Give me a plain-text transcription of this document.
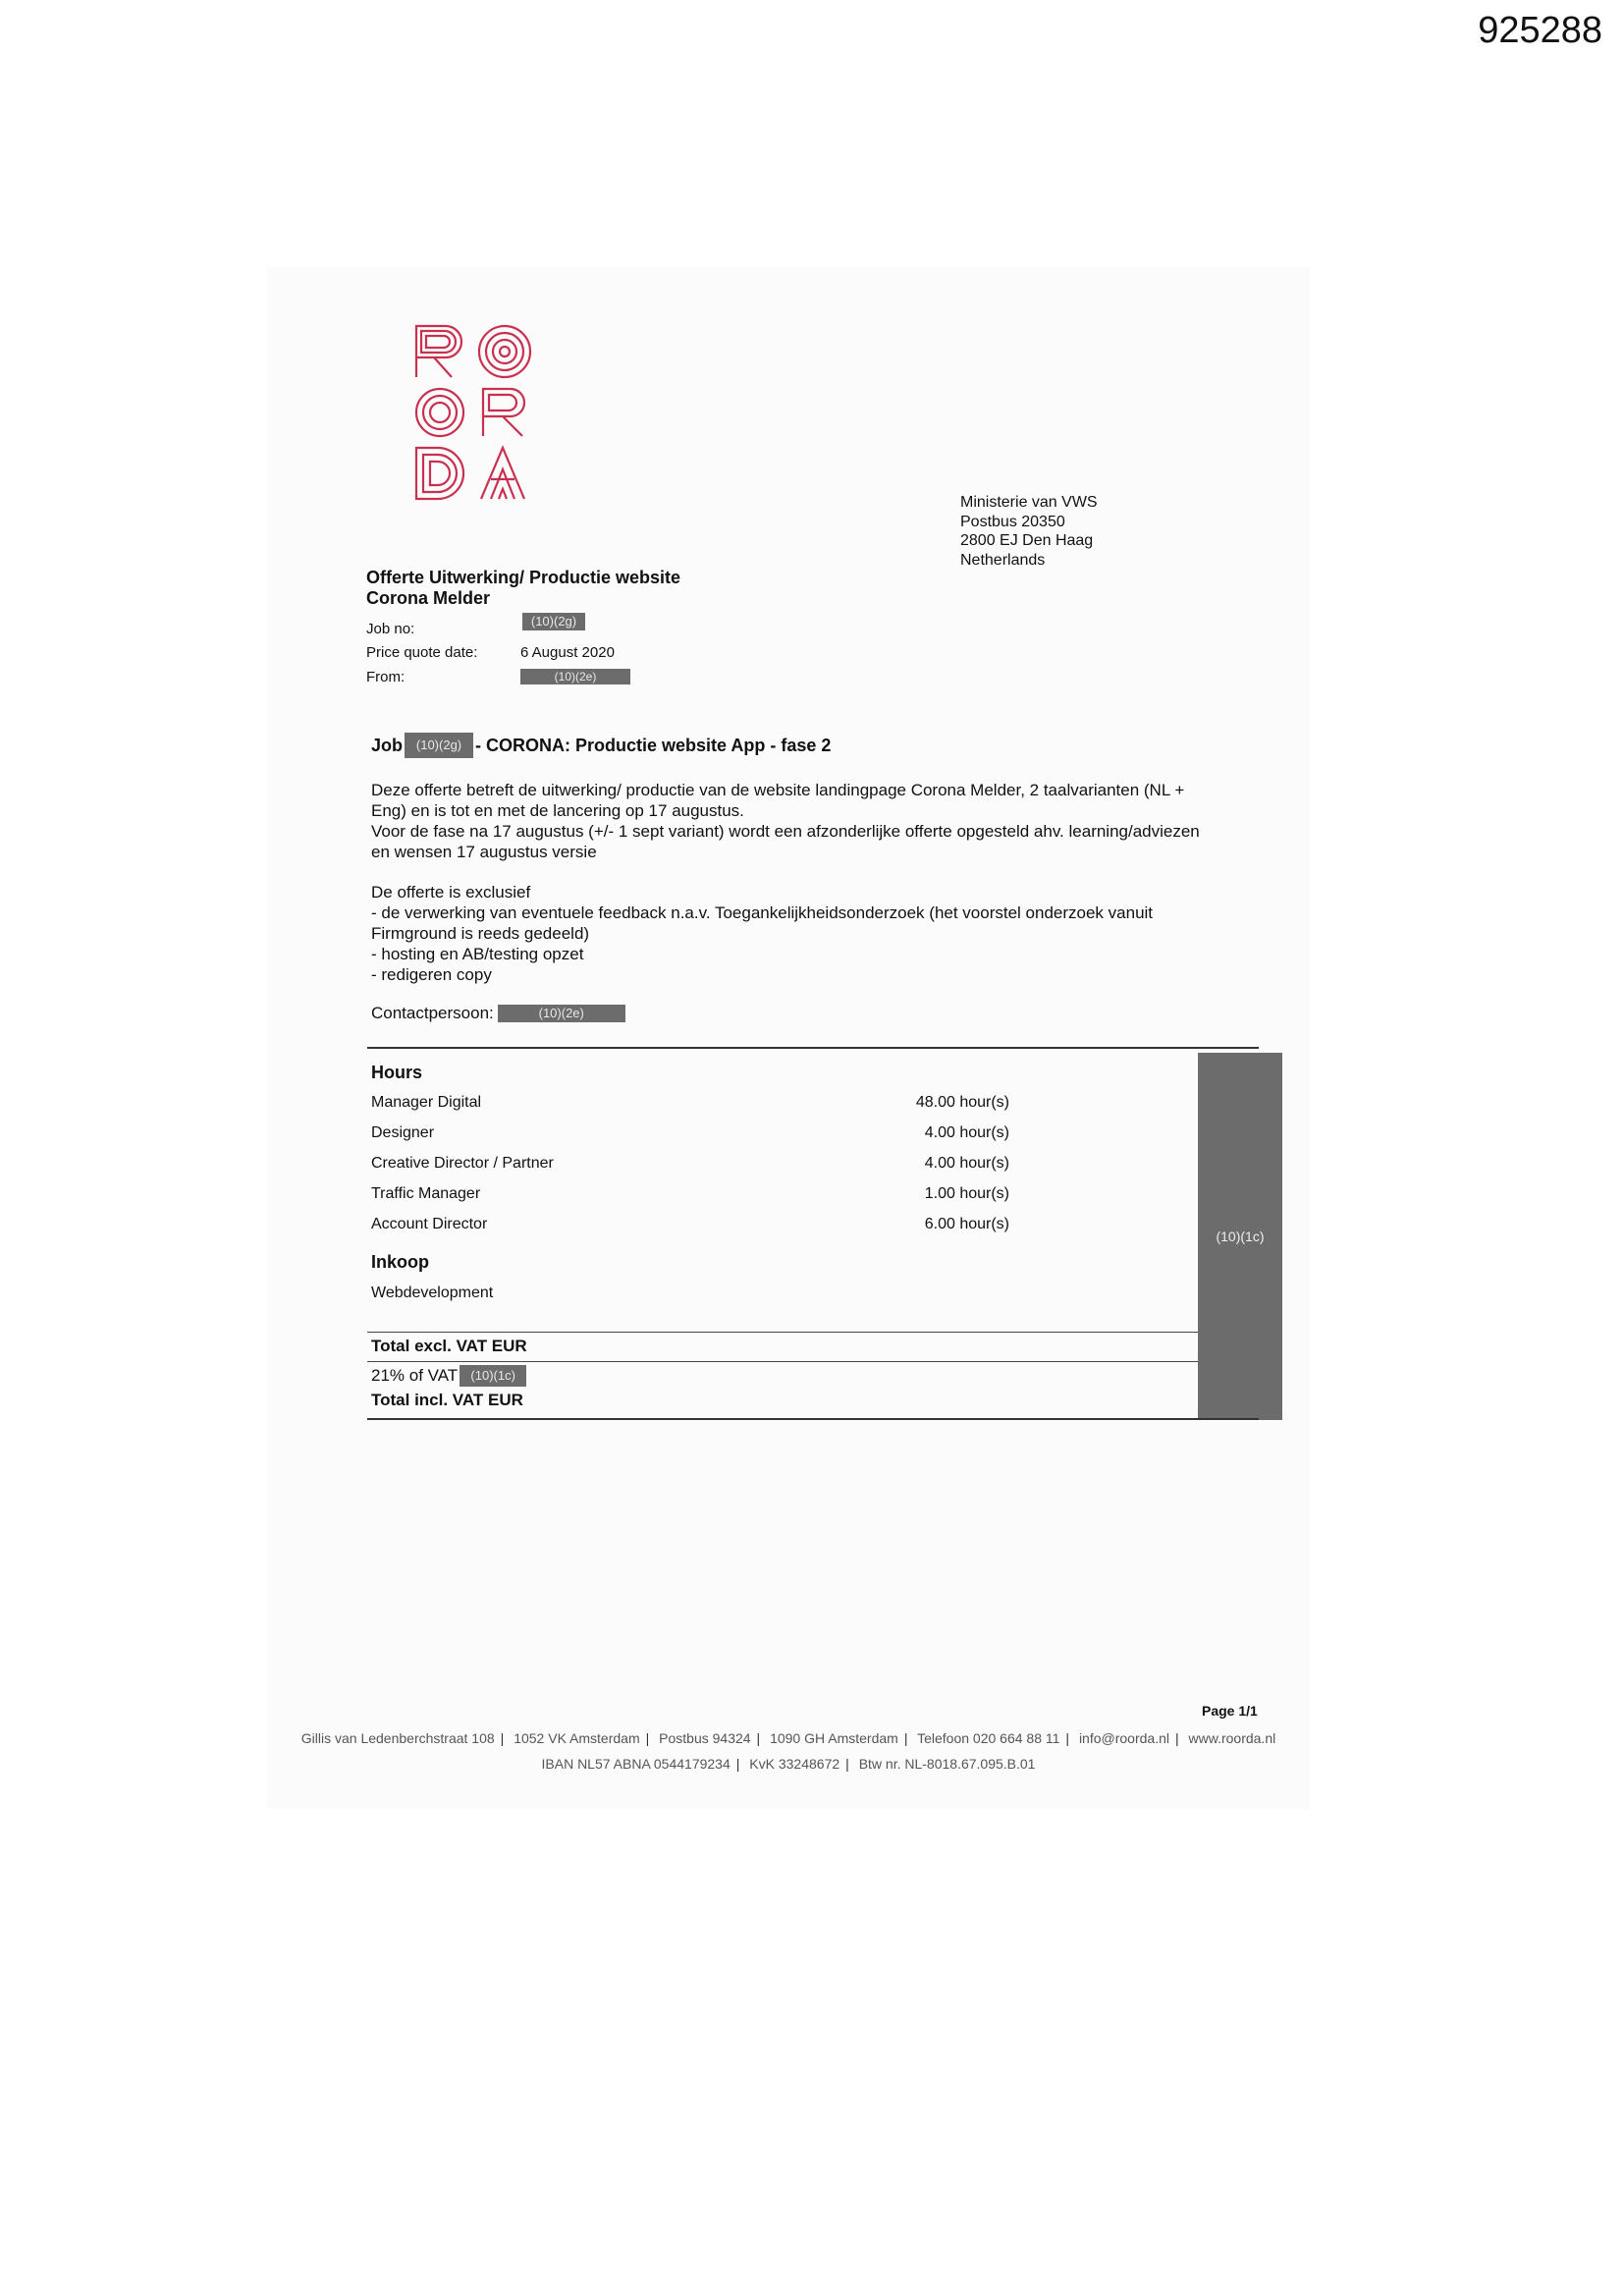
925288
Ministerie van VWS
Postbus 20350
2800 EJ Den Haag
Netherlands
Offerte Uitwerking/ Productie website
Corona Melder
Job no:	(10)(2g)
Price quote date:	6 August 2020
From:	(10)(2e)
Job	(10)(2g) - CORONA: Productie website App - fase 2
Deze offerte betreft de uitwerking/ productie van de website landingpage Corona Melder, 2 taalvarianten (NL +
Eng) en is tot en met de lancering op 17 augustus.
Voor de fase na 17 augustus (+/- 1 sept variant) wordt een afzonderlijke offerte opgesteld ahv. learning/adviezen
en wensen 17 augustus versie
De offerte is exclusief
- de verwerking van eventuele feedback n.a.v. Toegankelijkheidsonderzoek (het voorstel onderzoek vanuit
Firmground is reeds gedeeld)
- hosting en AB/testing opzet
- redigeren copy
Contactpersoon:	(10)(2e)
Hours
Manager Digital	48.00 hour(s)
Designer	4.00 hour(s)
Creative Director / Partner	4.00 hour(s)
Traffic Manager	1.00 hour(s)
Account Director	6.00 hour(s)
Inkoop
Webdevelopment
(10)(1c)
Total excl. VAT EUR
21% of VAT	(10)(1c)
Total incl. VAT EUR
Page 1/1
Gillis van Ledenberchstraat 108 | 1052 VK Amsterdam | Postbus 94324 | 1090 GH Amsterdam | Telefoon 020 664 88 11 | info@roorda.nl | www.roorda.nl
IBAN NL57 ABNA 0544179234 | KvK 33248672 | Btw nr. NL-8018.67.095.B.01
